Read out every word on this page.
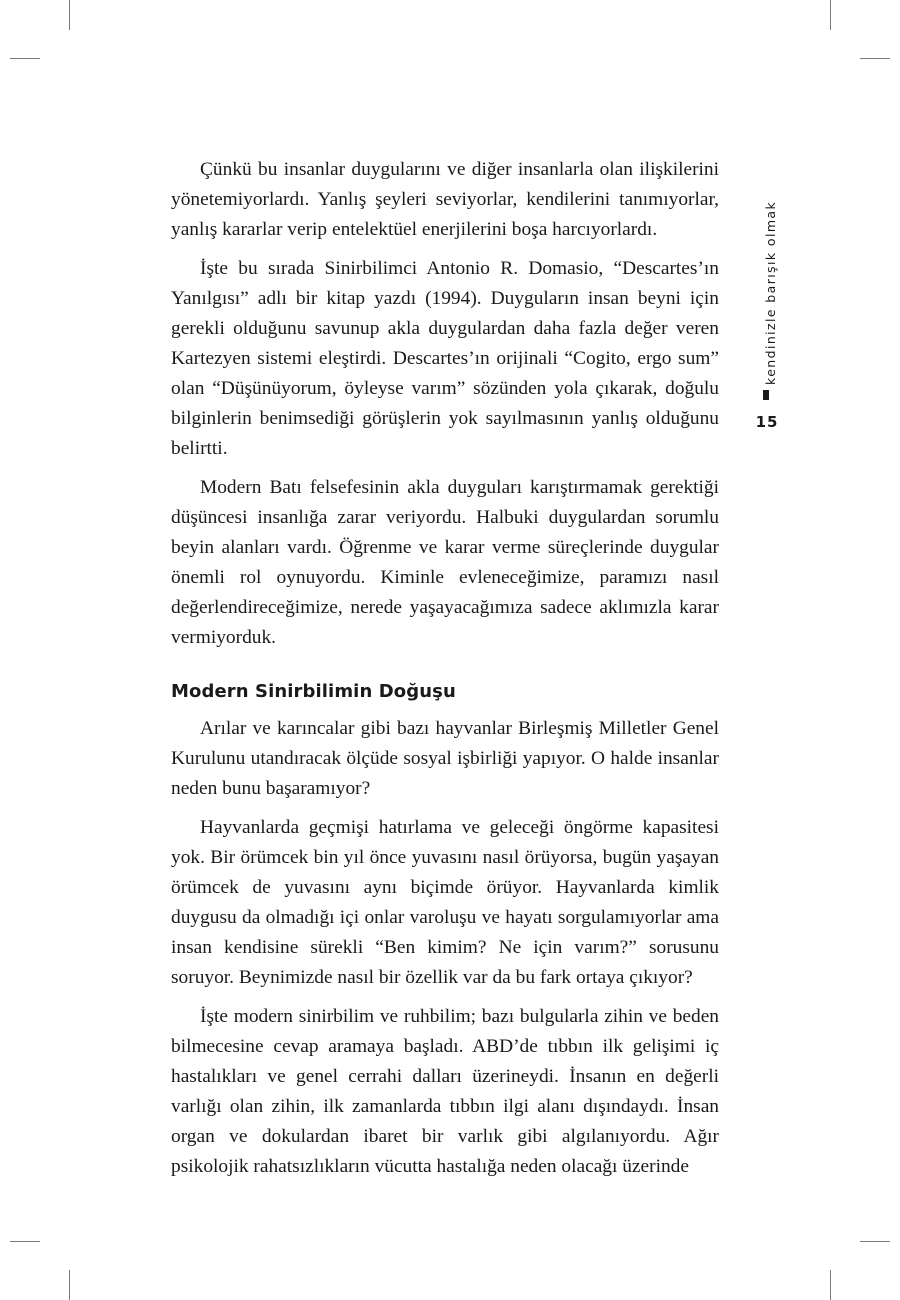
kendinizle barışık olmak
15

Çünkü bu insanlar duygularını ve diğer insanlarla olan ilişkilerini yönetemiyorlardı. Yanlış şeyleri seviyorlar, kendilerini tanımıyorlar, yanlış kararlar verip entelektüel enerjilerini boşa harcıyorlardı.

İşte bu sırada Sinirbilimci Antonio R. Domasio, “Descartes’ın Yanılgısı” adlı bir kitap yazdı (1994). Duyguların insan beyni için gerekli olduğunu savunup akla duygulardan daha fazla değer veren Kartezyen sistemi eleştirdi. Descartes’ın orijinali “Cogito, ergo sum” olan “Düşünüyorum, öyleyse varım” sözünden yola çıkarak, doğulu bilginlerin benimsediği görüşlerin yok sayılmasının yanlış olduğunu belirtti.

Modern Batı felsefesinin akla duyguları karıştırmamak gerektiği düşüncesi insanlığa zarar veriyordu. Halbuki duygulardan sorumlu beyin alanları vardı. Öğrenme ve karar verme süreçlerinde duygular önemli rol oynuyordu. Kiminle evleneceğimize, paramızı nasıl değerlendireceğimize, nerede yaşayacağımıza sadece aklımızla karar vermiyorduk.

Modern Sinirbilimin Doğuşu

Arılar ve karıncalar gibi bazı hayvanlar Birleşmiş Milletler Genel Kurulunu utandıracak ölçüde sosyal işbirliği yapıyor. O halde insanlar neden bunu başaramıyor?

Hayvanlarda geçmişi hatırlama ve geleceği öngörme kapasitesi yok. Bir örümcek bin yıl önce yuvasını nasıl örüyorsa, bugün yaşayan örümcek de yuvasını aynı biçimde örüyor. Hayvanlarda kimlik duygusu da olmadığı içi onlar varoluşu ve hayatı sorgulamıyorlar ama insan kendisine sürekli “Ben kimim? Ne için varım?” sorusunu soruyor. Beynimizde nasıl bir özellik var da bu fark ortaya çıkıyor?

İşte modern sinirbilim ve ruhbilim; bazı bulgularla zihin ve beden bilmecesine cevap aramaya başladı. ABD’de tıbbın ilk gelişimi iç hastalıkları ve genel cerrahi dalları üzerineydi. İnsanın en değerli varlığı olan zihin, ilk zamanlarda tıbbın ilgi alanı dışındaydı. İnsan organ ve dokulardan ibaret bir varlık gibi algılanıyordu. Ağır psikolojik rahatsızlıkların vücutta hastalığa neden olacağı üzerinde
